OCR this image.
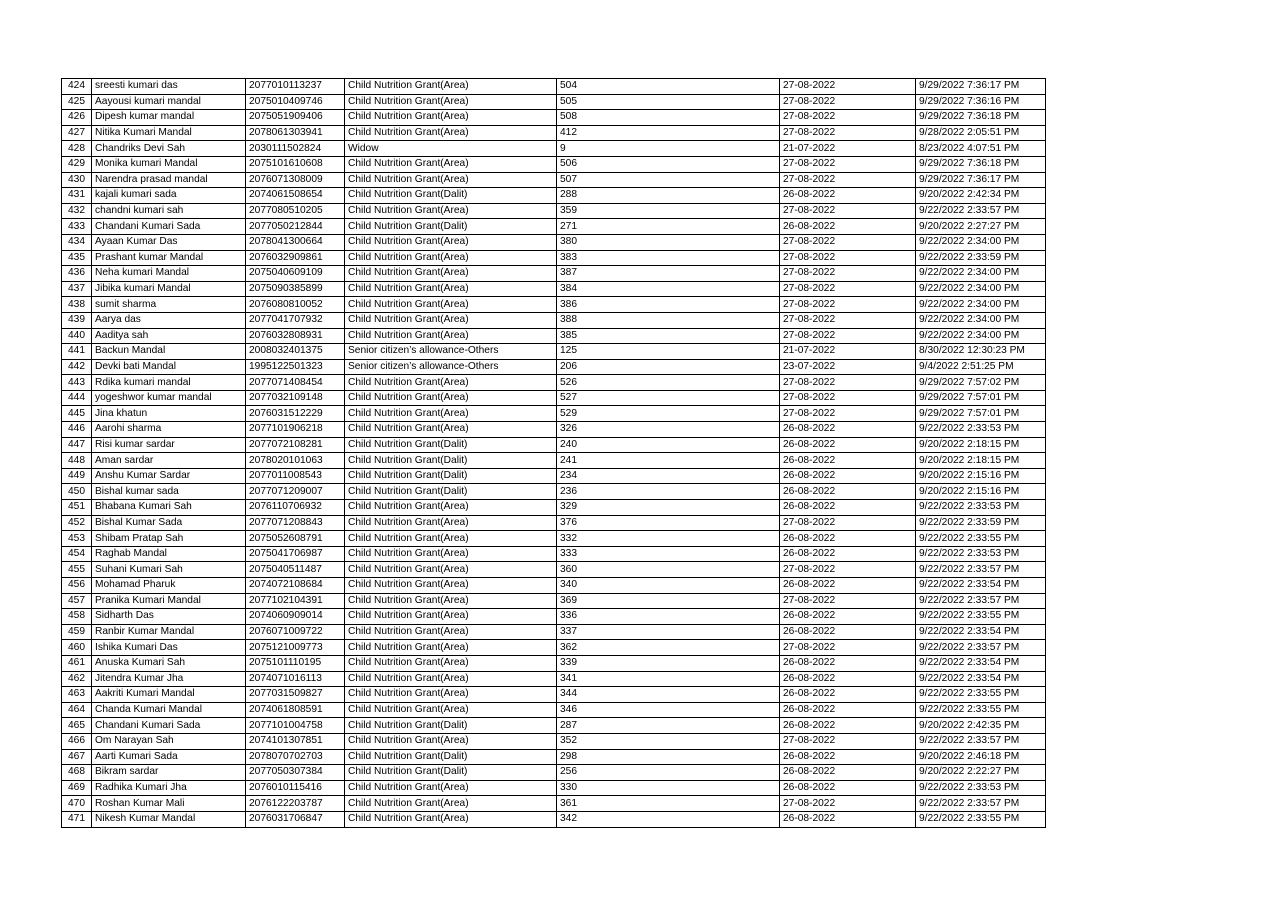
424	sreesti kumari das	2077010113237	Child Nutrition Grant(Area)	504	27-08-2022	9/29/2022 7:36:17 PM
425	Aayousi kumari mandal	2075010409746	Child Nutrition Grant(Area)	505	27-08-2022	9/29/2022 7:36:16 PM
426	Dipesh kumar mandal	2075051909406	Child Nutrition Grant(Area)	508	27-08-2022	9/29/2022 7:36:18 PM
427	Nitika Kumari Mandal	2078061303941	Child Nutrition Grant(Area)	412	27-08-2022	9/28/2022 2:05:51 PM
428	Chandriks Devi Sah	2030111502824	Widow	9	21-07-2022	8/23/2022 4:07:51 PM
429	Monika kumari Mandal	2075101610608	Child Nutrition Grant(Area)	506	27-08-2022	9/29/2022 7:36:18 PM
430	Narendra prasad mandal	2076071308009	Child Nutrition Grant(Area)	507	27-08-2022	9/29/2022 7:36:17 PM
431	kajali kumari sada	2074061508654	Child Nutrition Grant(Dalit)	288	26-08-2022	9/20/2022 2:42:34 PM
432	chandni kumari sah	2077080510205	Child Nutrition Grant(Area)	359	27-08-2022	9/22/2022 2:33:57 PM
433	Chandani Kumari Sada	2077050212844	Child Nutrition Grant(Dalit)	271	26-08-2022	9/20/2022 2:27:27 PM
434	Ayaan Kumar Das	2078041300664	Child Nutrition Grant(Area)	380	27-08-2022	9/22/2022 2:34:00 PM
435	Prashant kumar Mandal	2076032909861	Child Nutrition Grant(Area)	383	27-08-2022	9/22/2022 2:33:59 PM
436	Neha kumari Mandal	2075040609109	Child Nutrition Grant(Area)	387	27-08-2022	9/22/2022 2:34:00 PM
437	Jibika kumari Mandal	2075090385899	Child Nutrition Grant(Area)	384	27-08-2022	9/22/2022 2:34:00 PM
438	sumit sharma	2076080810052	Child Nutrition Grant(Area)	386	27-08-2022	9/22/2022 2:34:00 PM
439	Aarya das	2077041707932	Child Nutrition Grant(Area)	388	27-08-2022	9/22/2022 2:34:00 PM
440	Aaditya sah	2076032808931	Child Nutrition Grant(Area)	385	27-08-2022	9/22/2022 2:34:00 PM
441	Backun Mandal	2008032401375	Senior citizen’s allowance-Others	125	21-07-2022	8/30/2022 12:30:23 PM
442	Devki bati Mandal	1995122501323	Senior citizen’s allowance-Others	206	23-07-2022	9/4/2022 2:51:25 PM
443	Rdika kumari mandal	2077071408454	Child Nutrition Grant(Area)	526	27-08-2022	9/29/2022 7:57:02 PM
444	yogeshwor kumar mandal	2077032109148	Child Nutrition Grant(Area)	527	27-08-2022	9/29/2022 7:57:01 PM
445	Jina khatun	2076031512229	Child Nutrition Grant(Area)	529	27-08-2022	9/29/2022 7:57:01 PM
446	Aarohi sharma	2077101906218	Child Nutrition Grant(Area)	326	26-08-2022	9/22/2022 2:33:53 PM
447	Risi kumar sardar	2077072108281	Child Nutrition Grant(Dalit)	240	26-08-2022	9/20/2022 2:18:15 PM
448	Aman sardar	2078020101063	Child Nutrition Grant(Dalit)	241	26-08-2022	9/20/2022 2:18:15 PM
449	Anshu Kumar Sardar	2077011008543	Child Nutrition Grant(Dalit)	234	26-08-2022	9/20/2022 2:15:16 PM
450	Bishal kumar sada	2077071209007	Child Nutrition Grant(Dalit)	236	26-08-2022	9/20/2022 2:15:16 PM
451	Bhabana Kumari Sah	2076110706932	Child Nutrition Grant(Area)	329	26-08-2022	9/22/2022 2:33:53 PM
452	Bishal Kumar Sada	2077071208843	Child Nutrition Grant(Area)	376	27-08-2022	9/22/2022 2:33:59 PM
453	Shibam Pratap Sah	2075052608791	Child Nutrition Grant(Area)	332	26-08-2022	9/22/2022 2:33:55 PM
454	Raghab Mandal	2075041706987	Child Nutrition Grant(Area)	333	26-08-2022	9/22/2022 2:33:53 PM
455	Suhani Kumari Sah	2075040511487	Child Nutrition Grant(Area)	360	27-08-2022	9/22/2022 2:33:57 PM
456	Mohamad Pharuk	2074072108684	Child Nutrition Grant(Area)	340	26-08-2022	9/22/2022 2:33:54 PM
457	Pranika Kumari Mandal	2077102104391	Child Nutrition Grant(Area)	369	27-08-2022	9/22/2022 2:33:57 PM
458	Sidharth Das	2074060909014	Child Nutrition Grant(Area)	336	26-08-2022	9/22/2022 2:33:55 PM
459	Ranbir Kumar Mandal	2076071009722	Child Nutrition Grant(Area)	337	26-08-2022	9/22/2022 2:33:54 PM
460	Ishika Kumari Das	2075121009773	Child Nutrition Grant(Area)	362	27-08-2022	9/22/2022 2:33:57 PM
461	Anuska Kumari Sah	2075101110195	Child Nutrition Grant(Area)	339	26-08-2022	9/22/2022 2:33:54 PM
462	Jitendra Kumar Jha	2074071016113	Child Nutrition Grant(Area)	341	26-08-2022	9/22/2022 2:33:54 PM
463	Aakriti Kumari Mandal	2077031509827	Child Nutrition Grant(Area)	344	26-08-2022	9/22/2022 2:33:55 PM
464	Chanda Kumari Mandal	2074061808591	Child Nutrition Grant(Area)	346	26-08-2022	9/22/2022 2:33:55 PM
465	Chandani Kumari Sada	2077101004758	Child Nutrition Grant(Dalit)	287	26-08-2022	9/20/2022 2:42:35 PM
466	Om Narayan Sah	2074101307851	Child Nutrition Grant(Area)	352	27-08-2022	9/22/2022 2:33:57 PM
467	Aarti Kumari Sada	2078070702703	Child Nutrition Grant(Dalit)	298	26-08-2022	9/20/2022 2:46:18 PM
468	Bikram sardar	2077050307384	Child Nutrition Grant(Dalit)	256	26-08-2022	9/20/2022 2:22:27 PM
469	Radhika Kumari Jha	2076010115416	Child Nutrition Grant(Area)	330	26-08-2022	9/22/2022 2:33:53 PM
470	Roshan Kumar Mali	2076122203787	Child Nutrition Grant(Area)	361	27-08-2022	9/22/2022 2:33:57 PM
471	Nikesh Kumar Mandal	2076031706847	Child Nutrition Grant(Area)	342	26-08-2022	9/22/2022 2:33:55 PM
